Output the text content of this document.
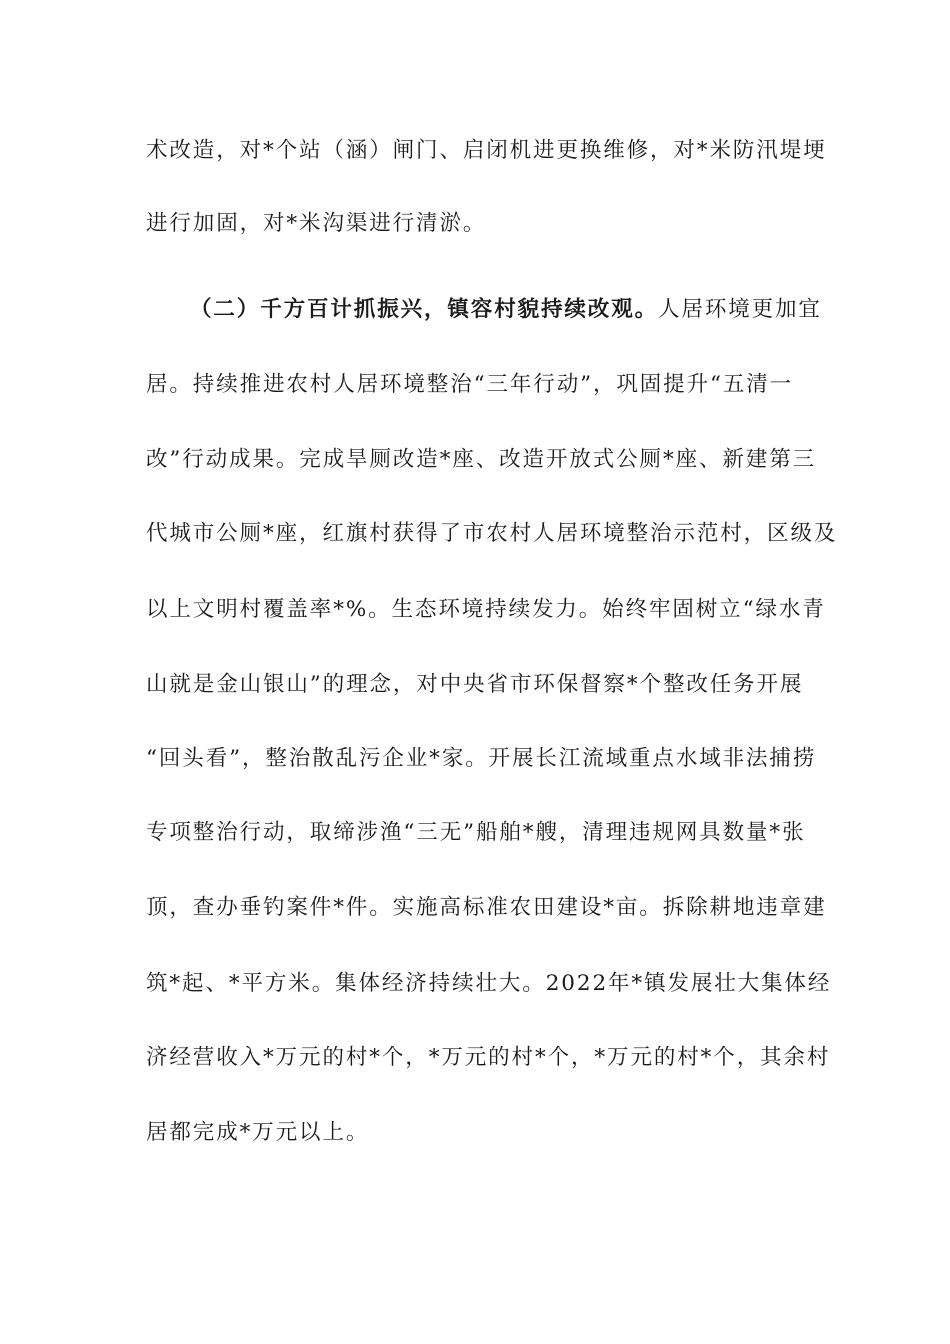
术改造，对*个站（涵）闸门、启闭机进更换维修，对*米防汛堤埂
进行加固，对*米沟渠进行清淤。
（二）千方百计抓振兴，镇容村貌持续改观。人居环境更加宜
居。持续推进农村人居环境整治“三年行动”，巩固提升“五清一
改”行动成果。完成旱厕改造*座、改造开放式公厕*座、新建第三
代城市公厕*座，红旗村获得了市农村人居环境整治示范村，区级及
以上文明村覆盖率*%。生态环境持续发力。始终牢固树立“绿水青
山就是金山银山”的理念，对中央省市环保督察*个整改任务开展
“回头看”，整治散乱污企业*家。开展长江流域重点水域非法捕捞
专项整治行动，取缔涉渔“三无”船舶*艘，清理违规网具数量*张
顶，查办垂钓案件*件。实施高标准农田建设*亩。拆除耕地违章建
筑*起、*平方米。集体经济持续壮大。2022年*镇发展壮大集体经
济经营收入*万元的村*个，*万元的村*个，*万元的村*个，其余村
居都完成*万元以上。
